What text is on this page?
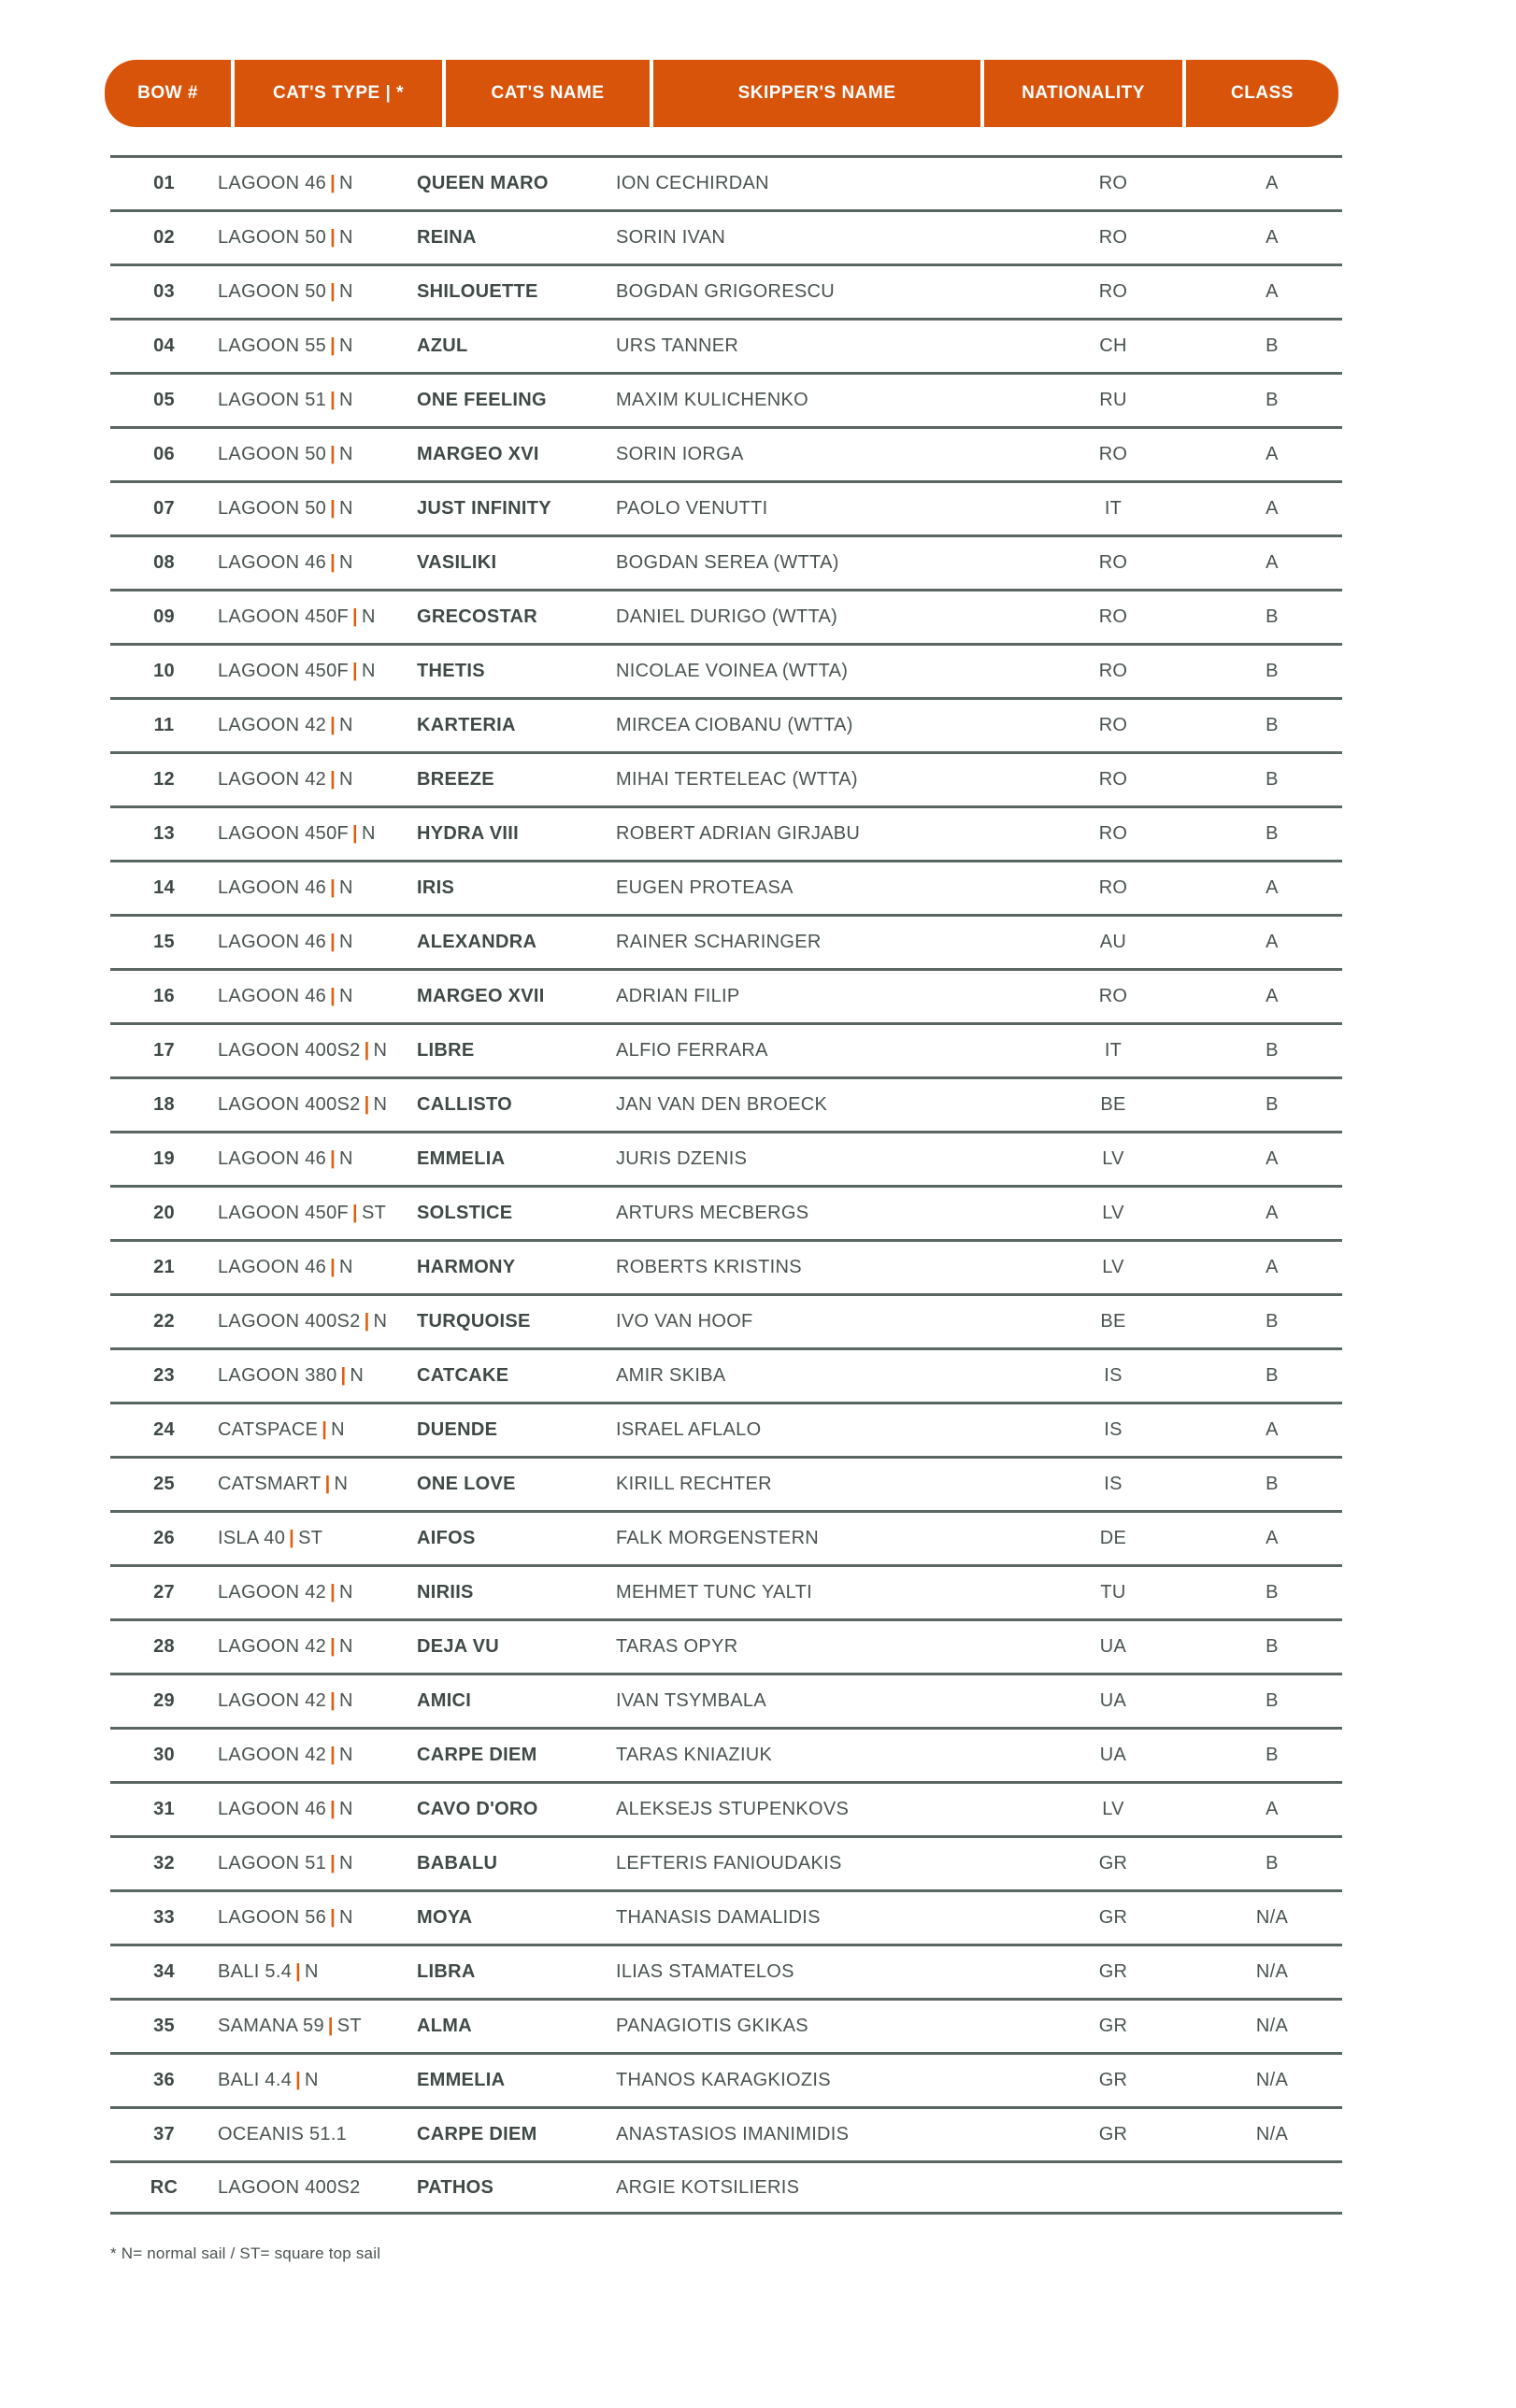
BOW #	CAT'S TYPE | *	CAT'S NAME	SKIPPER'S NAME	NATIONALITY	CLASS
01	LAGOON 46 | N	QUEEN MARO	ION CECHIRDAN	RO	A
02	LAGOON 50 | N	REINA	SORIN IVAN	RO	A
03	LAGOON 50 | N	SHILOUETTE	BOGDAN GRIGORESCU	RO	A
04	LAGOON 55 | N	AZUL	URS TANNER	CH	B
05	LAGOON 51 | N	ONE FEELING	MAXIM KULICHENKO	RU	B
06	LAGOON 50 | N	MARGEO XVI	SORIN IORGA	RO	A
07	LAGOON 50 | N	JUST INFINITY	PAOLO VENUTTI	IT	A
08	LAGOON 46 | N	VASILIKI	BOGDAN SEREA (WTTA)	RO	A
09	LAGOON 450F | N	GRECOSTAR	DANIEL DURIGO (WTTA)	RO	B
10	LAGOON 450F | N	THETIS	NICOLAE VOINEA (WTTA)	RO	B
11	LAGOON 42 | N	KARTERIA	MIRCEA CIOBANU (WTTA)	RO	B
12	LAGOON 42 | N	BREEZE	MIHAI TERTELEAC (WTTA)	RO	B
13	LAGOON 450F | N	HYDRA VIII	ROBERT ADRIAN GIRJABU	RO	B
14	LAGOON 46 | N	IRIS	EUGEN PROTEASA	RO	A
15	LAGOON 46 | N	ALEXANDRA	RAINER SCHARINGER	AU	A
16	LAGOON 46 | N	MARGEO XVII	ADRIAN FILIP	RO	A
17	LAGOON 400S2 | N	LIBRE	ALFIO FERRARA	IT	B
18	LAGOON 400S2 | N	CALLISTO	JAN VAN DEN BROECK	BE	B
19	LAGOON 46 | N	EMMELIA	JURIS DZENIS	LV	A
20	LAGOON 450F | ST	SOLSTICE	ARTURS MECBERGS	LV	A
21	LAGOON 46 | N	HARMONY	ROBERTS KRISTINS	LV	A
22	LAGOON 400S2 | N	TURQUOISE	IVO VAN HOOF	BE	B
23	LAGOON 380 | N	CATCAKE	AMIR SKIBA	IS	B
24	CATSPACE | N	DUENDE	ISRAEL AFLALO	IS	A
25	CATSMART | N	ONE LOVE	KIRILL RECHTER	IS	B
26	ISLA 40 | ST	AIFOS	FALK MORGENSTERN	DE	A
27	LAGOON 42 | N	NIRIIS	MEHMET TUNC YALTI	TU	B
28	LAGOON 42 | N	DEJA VU	TARAS OPYR	UA	B
29	LAGOON 42 | N	AMICI	IVAN TSYMBALA	UA	B
30	LAGOON 42 | N	CARPE DIEM	TARAS KNIAZIUK	UA	B
31	LAGOON 46 | N	CAVO D'ORO	ALEKSEJS STUPENKOVS	LV	A
32	LAGOON 51 | N	BABALU	LEFTERIS FANIOUDAKIS	GR	B
33	LAGOON 56 | N	MOYA	THANASIS DAMALIDIS	GR	N/A
34	BALI 5.4 | N	LIBRA	ILIAS STAMATELOS	GR	N/A
35	SAMANA 59 | ST	ALMA	PANAGIOTIS GKIKAS	GR	N/A
36	BALI 4.4 | N	EMMELIA	THANOS KARAGKIOZIS	GR	N/A
37	OCEANIS 51.1	CARPE DIEM	ANASTASIOS IMANIMIDIS	GR	N/A
RC	LAGOON 400S2	PATHOS	ARGIE KOTSILIERIS
* N= normal sail / ST= square top sail
